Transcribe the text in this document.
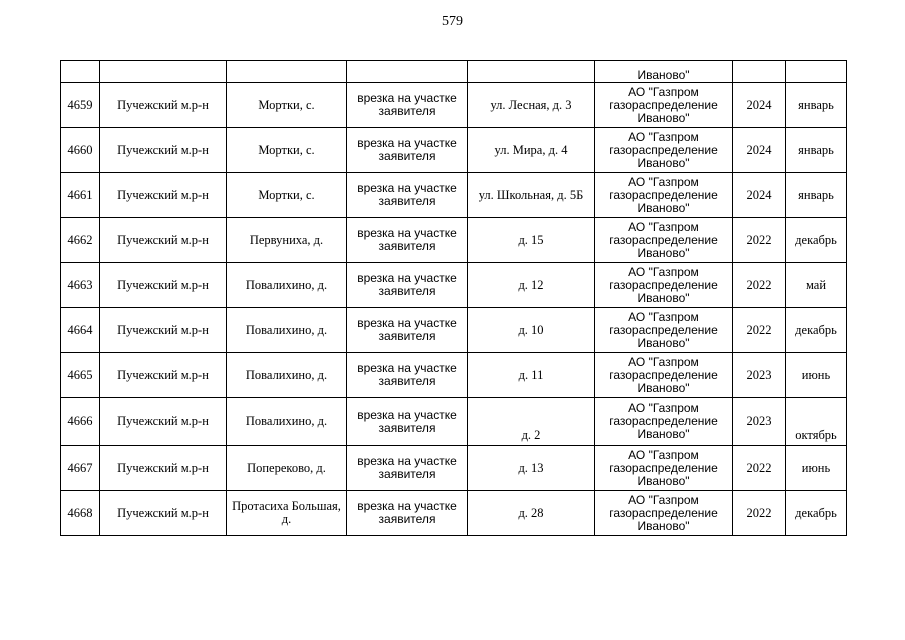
579
					Иваново"		
4659	Пучежский м.р-н	Мортки, с.	врезка на участке заявителя	ул. Лесная, д. 3	АО "Газпром газораспределение Иваново"	2024	январь
4660	Пучежский м.р-н	Мортки, с.	врезка на участке заявителя	ул. Мира, д. 4	АО "Газпром газораспределение Иваново"	2024	январь
4661	Пучежский м.р-н	Мортки, с.	врезка на участке заявителя	ул. Школьная, д. 5Б	АО "Газпром газораспределение Иваново"	2024	январь
4662	Пучежский м.р-н	Первуниха, д.	врезка на участке заявителя	д. 15	АО "Газпром газораспределение Иваново"	2022	декабрь
4663	Пучежский м.р-н	Повалихино, д.	врезка на участке заявителя	д. 12	АО "Газпром газораспределение Иваново"	2022	май
4664	Пучежский м.р-н	Повалихино, д.	врезка на участке заявителя	д. 10	АО "Газпром газораспределение Иваново"	2022	декабрь
4665	Пучежский м.р-н	Повалихино, д.	врезка на участке заявителя	д. 11	АО "Газпром газораспределение Иваново"	2023	июнь
4666	Пучежский м.р-н	Повалихино, д.	врезка на участке заявителя	д. 2	АО "Газпром газораспределение Иваново"	2023	октябрь
4667	Пучежский м.р-н	Попереково, д.	врезка на участке заявителя	д. 13	АО "Газпром газораспределение Иваново"	2022	июнь
4668	Пучежский м.р-н	Протасиха Большая, д.	врезка на участке заявителя	д. 28	АО "Газпром газораспределение Иваново"	2022	декабрь
